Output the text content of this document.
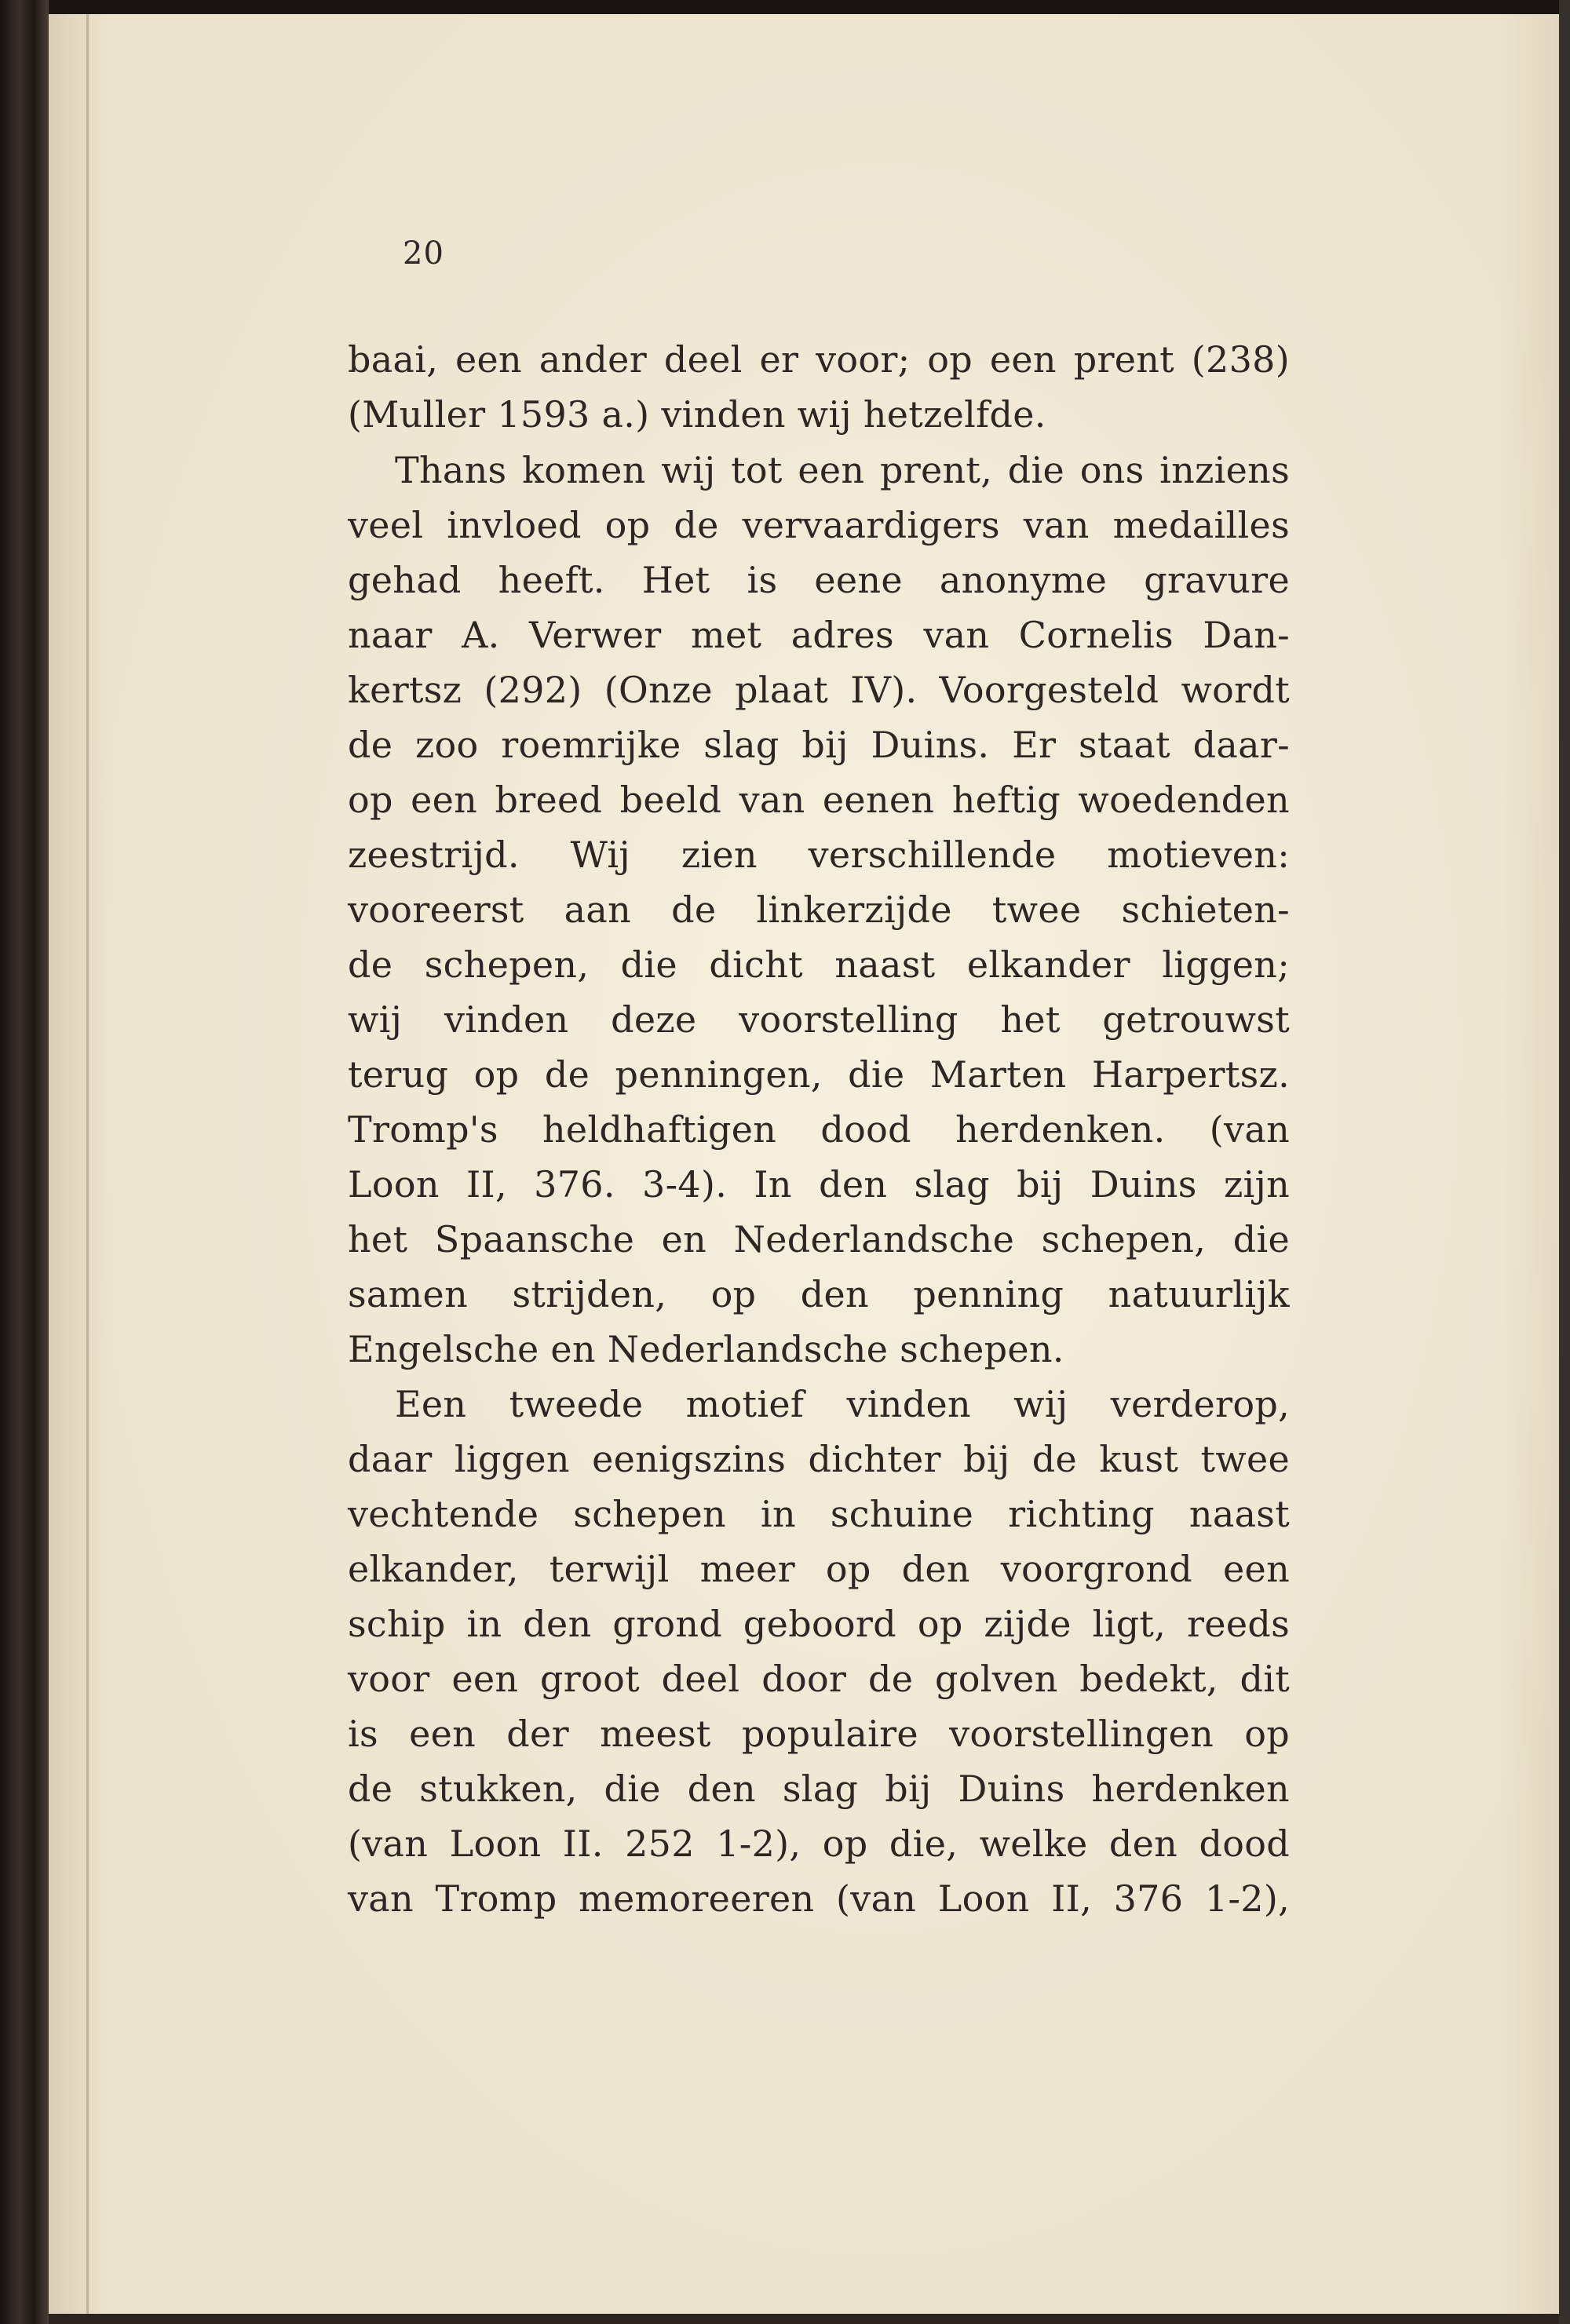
20
baai, een ander deel er voor; op een prent (238)
(Muller 1593 a.) vinden wij hetzelfde.
Thans komen wij tot een prent, die ons inziens
veel invloed op de vervaardigers van medailles
gehad heeft. Het is eene anonyme gravure
naar A. Verwer met adres van Cornelis Dan-
kertsz (292) (Onze plaat IV). Voorgesteld wordt
de zoo roemrijke slag bij Duins. Er staat daar-
op een breed beeld van eenen heftig woedenden
zeestrijd. Wij zien verschillende motieven:
vooreerst aan de linkerzijde twee schieten-
de schepen, die dicht naast elkander liggen;
wij vinden deze voorstelling het getrouwst
terug op de penningen, die Marten Harpertsz.
Tromp's heldhaftigen dood herdenken. (van
Loon II, 376. 3-4). In den slag bij Duins zijn
het Spaansche en Nederlandsche schepen, die
samen strijden, op den penning natuurlijk
Engelsche en Nederlandsche schepen.
Een tweede motief vinden wij verderop,
daar liggen eenigszins dichter bij de kust twee
vechtende schepen in schuine richting naast
elkander, terwijl meer op den voorgrond een
schip in den grond geboord op zijde ligt, reeds
voor een groot deel door de golven bedekt, dit
is een der meest populaire voorstellingen op
de stukken, die den slag bij Duins herdenken
(van Loon II. 252 1-2), op die, welke den dood
van Tromp memoreeren (van Loon II, 376 1-2),
